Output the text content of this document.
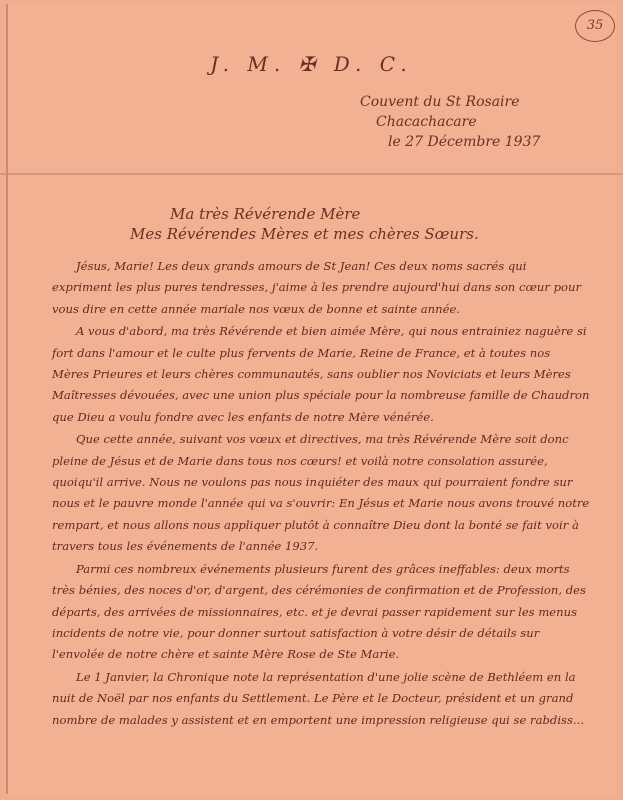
35
J. M. ✠ D. C.
Couvent du St Rosaire
Chacachacare
le 27 Décembre 1937
Ma très Révérende Mère
Mes Révérendes Mères et mes chères Sœurs.

Jésus, Marie! Les deux grands amours de St Jean! Ces deux noms sacrés qui expriment les plus pures tendresses, j'aime à les prendre aujourd'hui dans son cœur pour vous dire en cette année mariale nos vœux de bonne et sainte année.

A vous d'abord, ma très Révérende et bien aimée Mère, qui nous entrainiez naguère si fort dans l'amour et le culte plus fervents de Marie, Reine de France, et à toutes nos Mères Prieures et leurs chères communautés, sans oublier nos Noviciats et leurs Mères Maîtresses dévouées, avec une union plus spéciale pour la nombreuse famille de Chaudron que Dieu a voulu fondre avec les enfants de notre Mère vénérée.

Que cette année, suivant vos vœux et directives, ma très Révérende Mère soit donc pleine de Jésus et de Marie dans tous nos cœurs! et voilà notre consolation assurée, quoiqu'il arrive. Nous ne voulons pas nous inquiéter des maux qui pourraient fondre sur nous et le pauvre monde l'année qui va s'ouvrir: En Jésus et Marie nous avons trouvé notre rempart, et nous allons nous appliquer plutôt à connaître Dieu dont la bonté se fait voir à travers tous les événements de l'année 1937.

Parmi ces nombreux événements plusieurs furent des grâces ineffables: deux morts très bénies, des noces d'or, d'argent, des cérémonies de confirmation et de Profession, des départs, des arrivées de missionnaires, etc. et je devrai passer rapidement sur les menus incidents de notre vie, pour donner surtout satisfaction à votre désir de détails sur l'envolée de notre chère et sainte Mère Rose de Ste Marie.

Le 1 Janvier, la Chronique note la représentation d'une jolie scène de Bethléem en la nuit de Noël par nos enfants du Settlement. Le Père et le Docteur, président et un grand nombre de malades y assistent et en emportent une impression religieuse qui se rabdiss...
